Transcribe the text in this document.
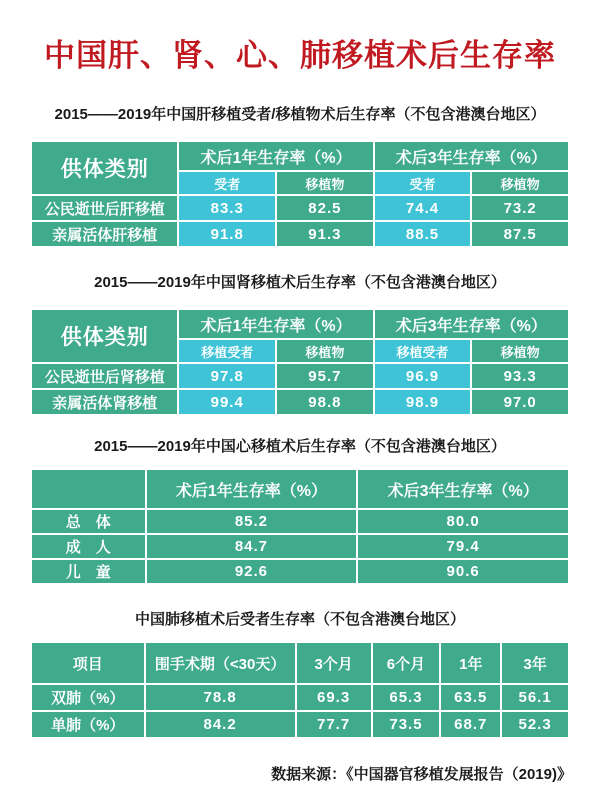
中国肝、肾、心、肺移植术后生存率
2015——2019年中国肝移植受者/移植物术后生存率（不包含港澳台地区）
供体类别	术后1年生存率（%）		术后3年生存率（%）	
	受者	移植物	受者	移植物
公民逝世后肝移植	83.3	82.5	74.4	73.2
亲属活体肝移植	91.8	91.3	88.5	87.5
2015——2019年中国肾移植术后生存率（不包含港澳台地区）
供体类别	术后1年生存率（%）		术后3年生存率（%）	
	移植受者	移植物	移植受者	移植物
公民逝世后肾移植	97.8	95.7	96.9	93.3
亲属活体肾移植	99.4	98.8	98.9	97.0
2015——2019年中国心移植术后生存率（不包含港澳台地区）
	术后1年生存率（%）	术后3年生存率（%）
总　体	85.2	80.0
成　人	84.7	79.4
儿　童	92.6	90.6
中国肺移植术后受者生存率（不包含港澳台地区）
项目	围手术期（<30天）	3个月	6个月	1年	3年
双肺（%）	78.8	69.3	65.3	63.5	56.1
单肺（%）	84.2	77.7	73.5	68.7	52.3
数据来源：《中国器官移植发展报告（2019)》
